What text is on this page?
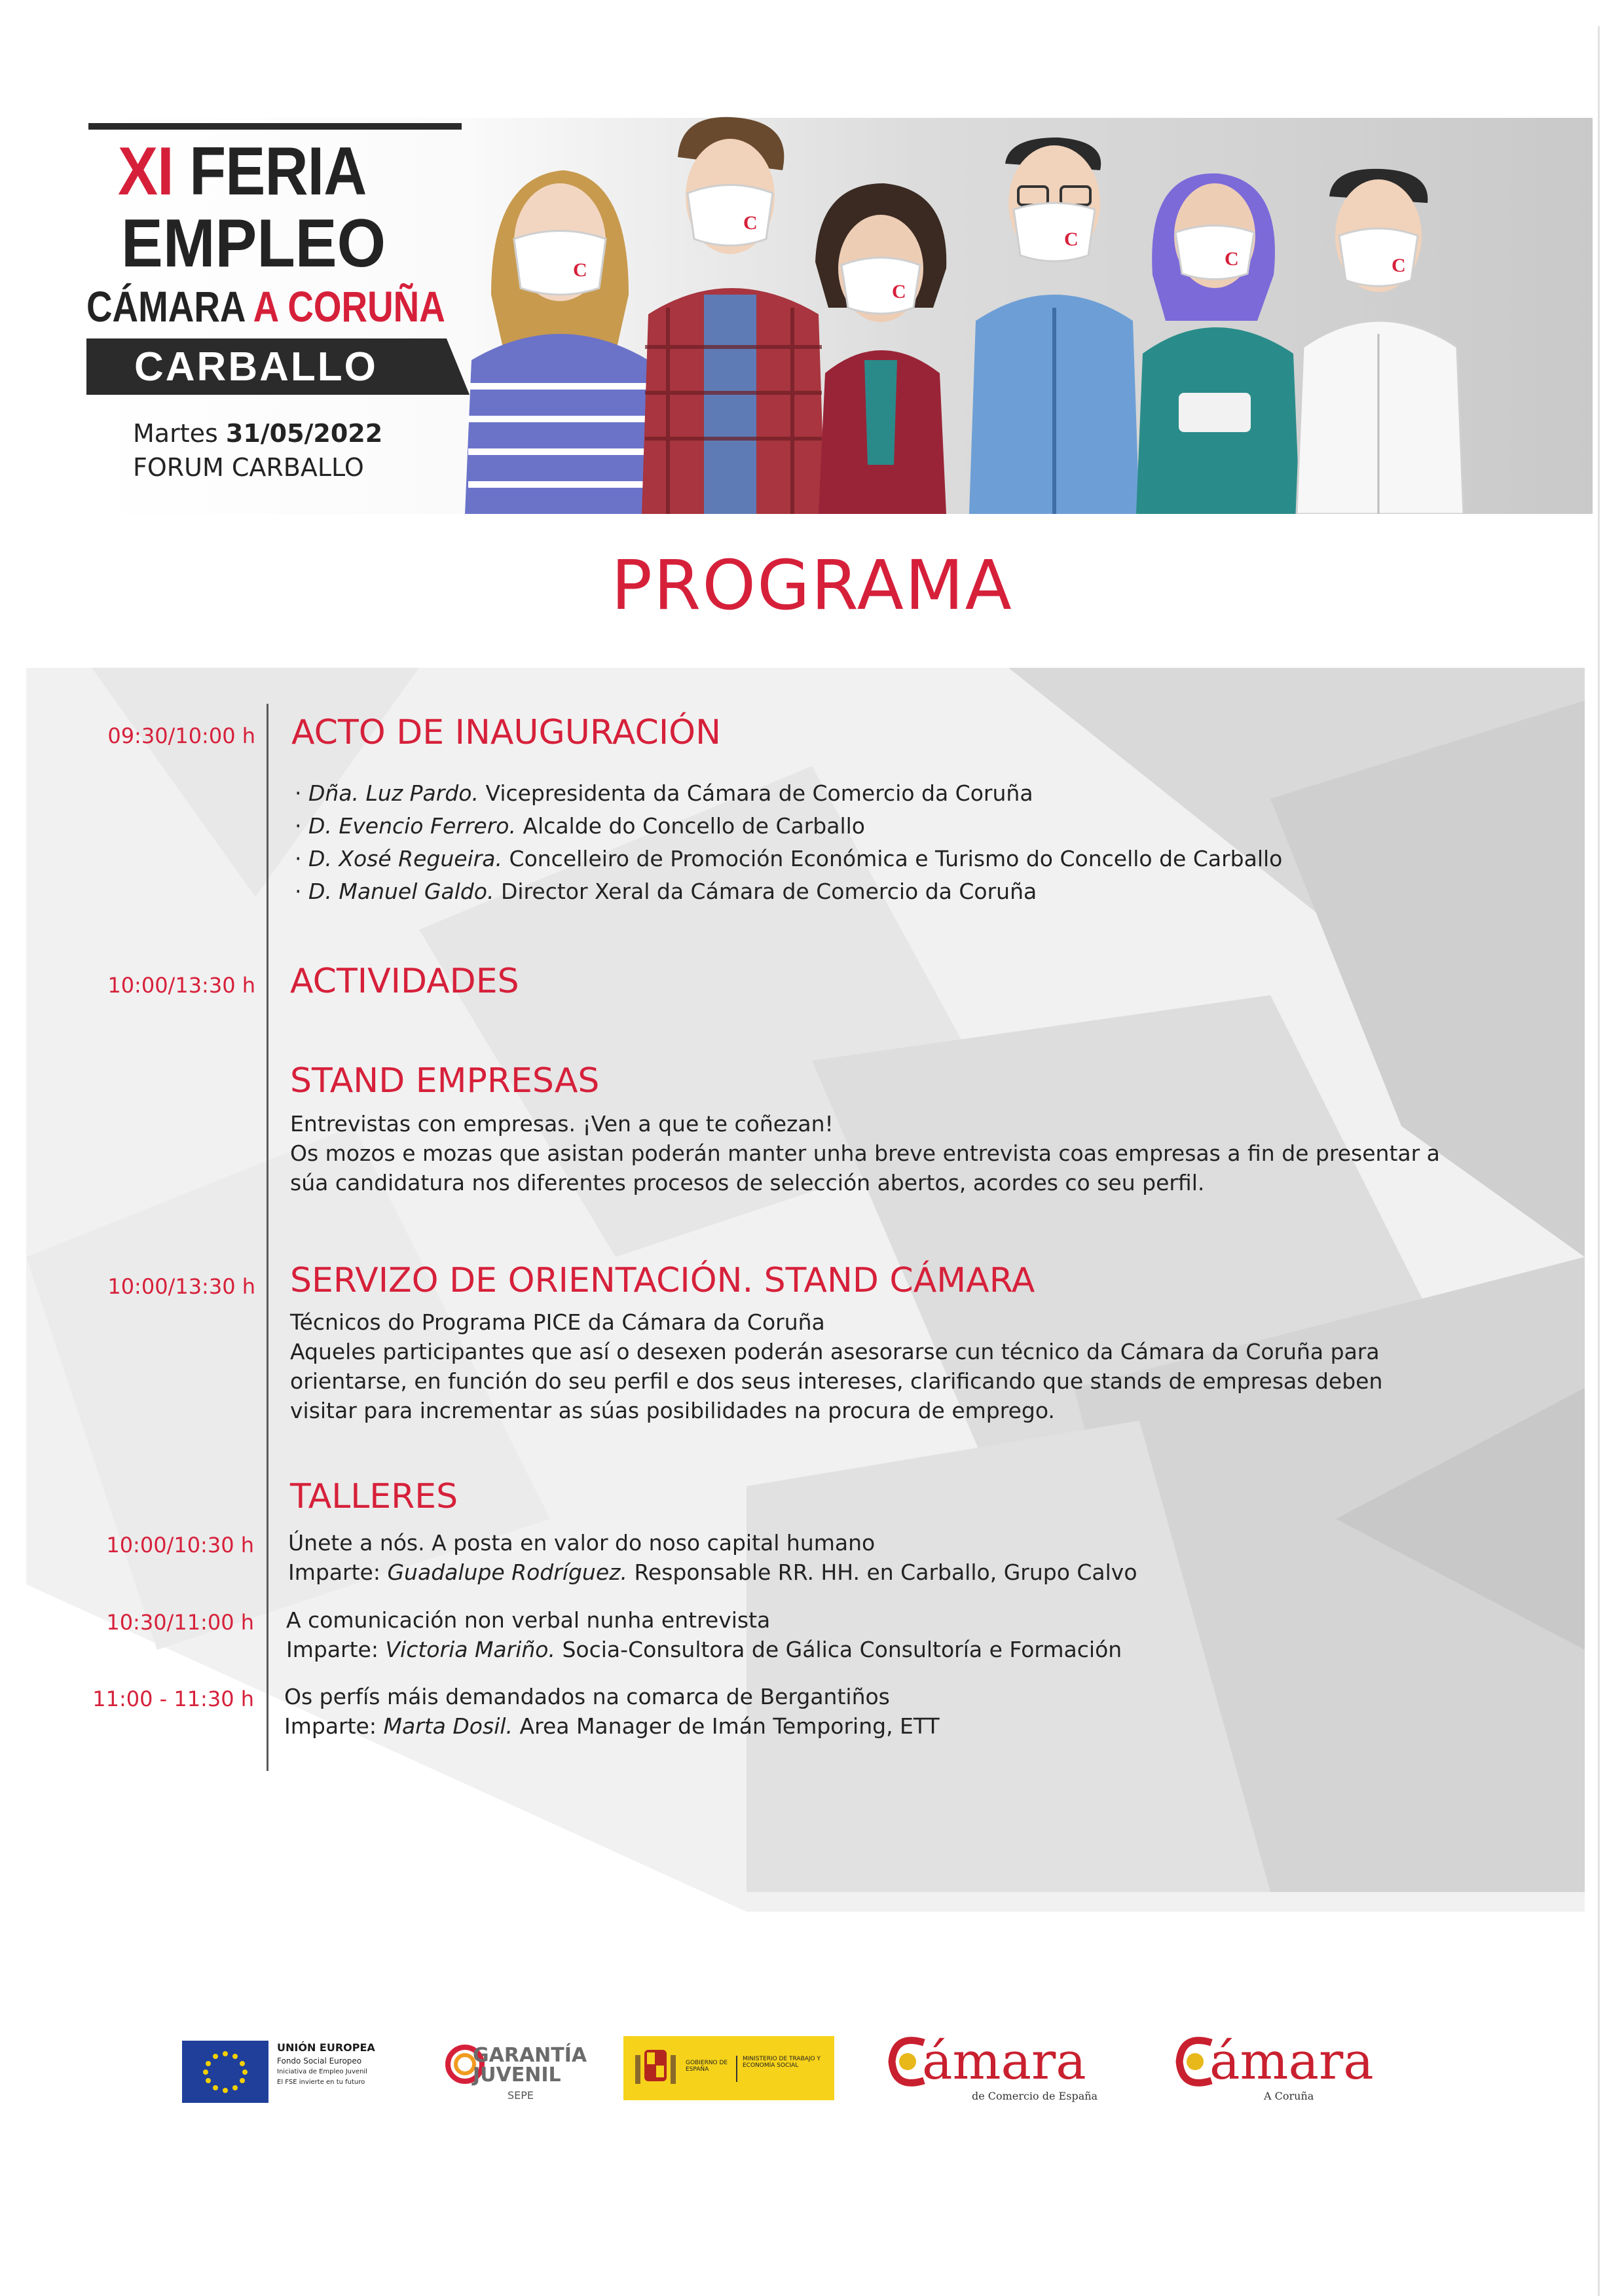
XI FERIA
EMPLEO
CÁMARA A CORUÑA
CARBALLO
Martes 31/05/2022
FORUM CARBALLO
C
C
C
C
C	C
PROGRAMA
09:30/10:00 h ACTO DE INAUGURACIÓN
· Dña. Luz Pardo. Vicepresidenta da Cámara de Comercio da Coruña
· D. Evencio Ferrero. Alcalde do Concello de Carballo
· D. Xosé Regueira. Concelleiro de Promoción Económica e Turismo do Concello de Carballo
· D. Manuel Galdo. Director Xeral da Cámara de Comercio da Coruña
10:00/13:30 h ACTIVIDADES
STAND EMPRESAS
Entrevistas con empresas. ¡Ven a que te coñezan!
Os mozos e mozas que asistan poderán manter unha breve entrevista coas empresas a fin de presentar a
súa candidatura nos diferentes procesos de selección abertos, acordes co seu perfil.
10:00/13:30 h SERVIZO DE ORIENTACIÓN. STAND CÁMARA
Técnicos do Programa PICE da Cámara da Coruña
Aqueles participantes que así o desexen poderán asesorarse cun técnico da Cámara da Coruña para
orientarse, en función do seu perfil e dos seus intereses, clarificando que stands de empresas deben
visitar para incrementar as súas posibilidades na procura de emprego.
TALLERES
10:00/10:30 h Únete a nós. A posta en valor do noso capital humano
Imparte: Guadalupe Rodríguez. Responsable RR. HH. en Carballo, Grupo Calvo
10:30/11:00 h A comunicación non verbal nunha entrevista
Imparte: Victoria Mariño. Socia-Consultora de Gálica Consultoría e Formación
11:00 - 11:30 h Os perfís máis demandados na comarca de Bergantiños
Imparte: Marta Dosil. Area Manager de Imán Temporing, ETT
UNIÓN EUROPEA
Fondo Social Europeo
Iniciativa de Empleo Juvenil
El FSE invierte en tu futuro
GARANTÍA
JUVENIL
SEPE
GOBIERNO DE ESPAÑA
MINISTERIO DE TRABAJO Y ECONOMÍA SOCIAL	ámara
de Comercio de España
ámara
A Coruña
